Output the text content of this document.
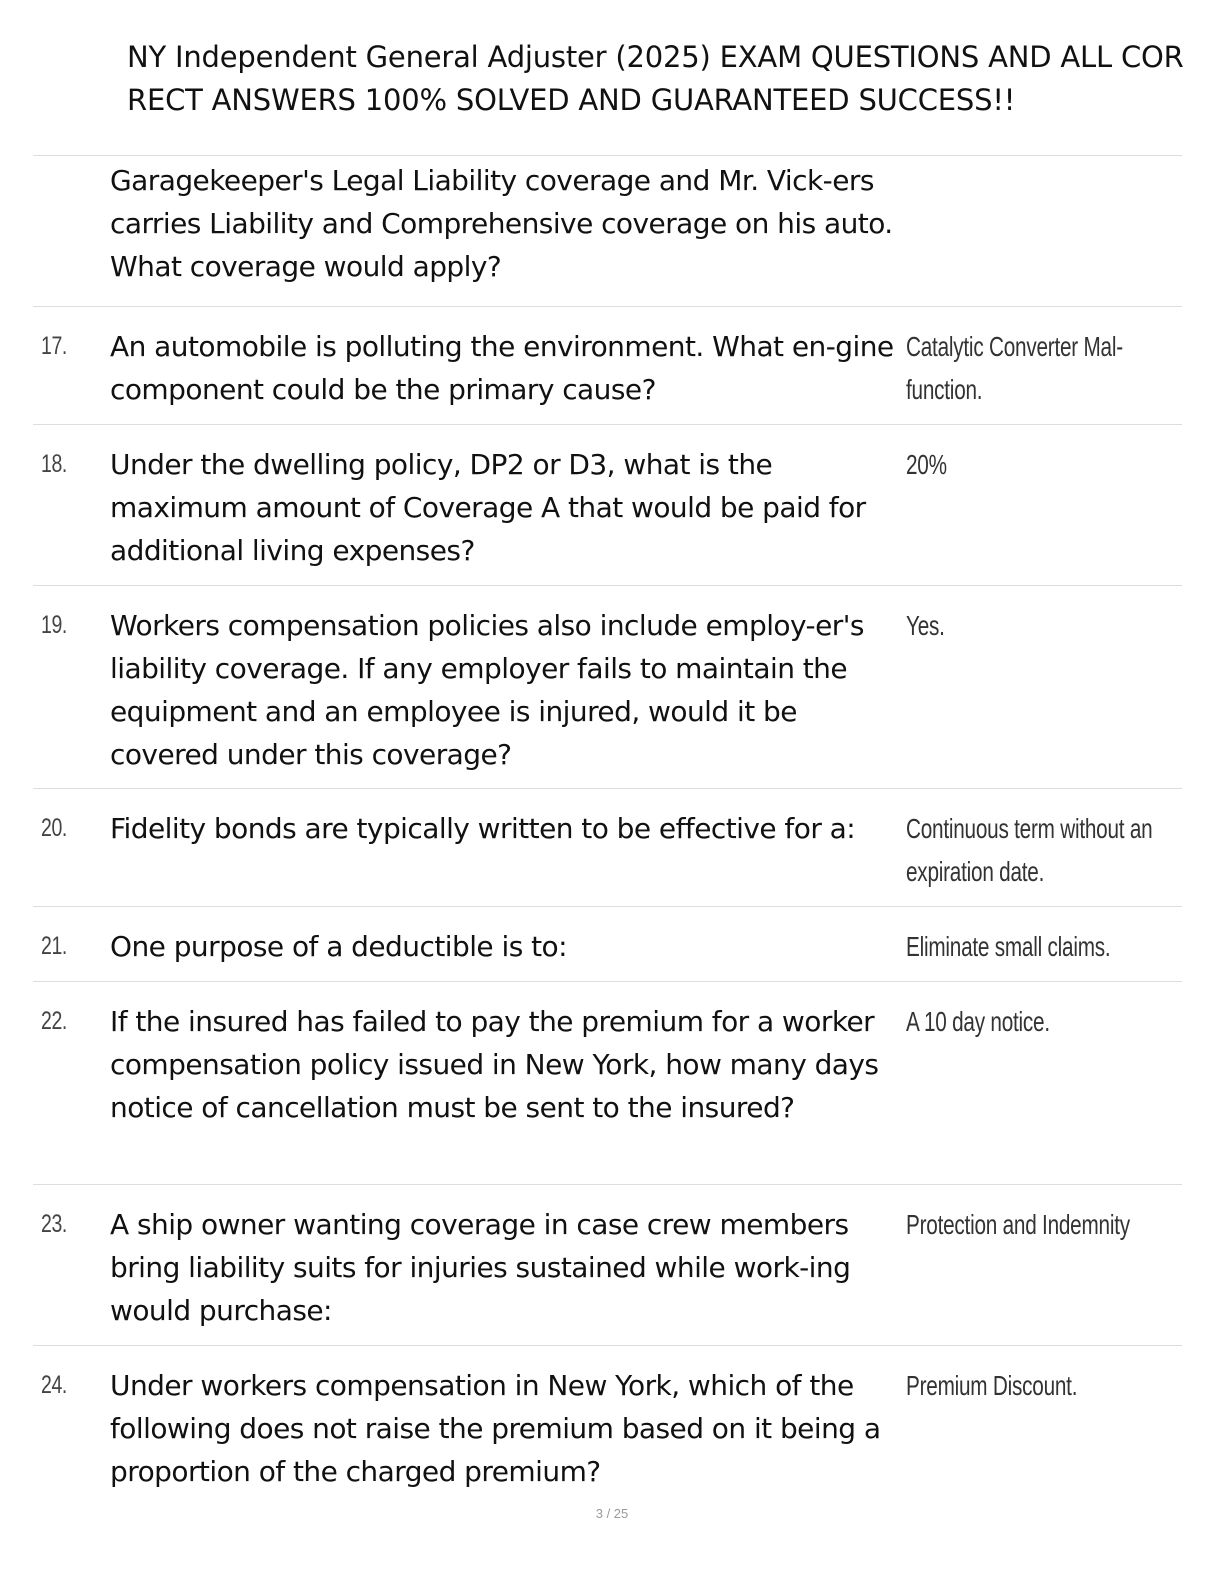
NY Independent General Adjuster (2025) EXAM QUESTIONS AND ALL COR
RECT ANSWERS 100% SOLVED AND GUARANTEED SUCCESS!!
Garagekeeper's Legal Liability coverage and Mr. Vick-ers carries Liability and Comprehensive coverage on his auto. What coverage would apply?
17. An automobile is polluting the environment. What en-gine component could be the primary cause?
Catalytic Converter Mal-function.
18. Under the dwelling policy, DP2 or D3, what is the maximum amount of Coverage A that would be paid for additional living expenses?
20%
19. Workers compensation policies also include employ-er's liability coverage. If any employer fails to maintain the equipment and an employee is injured, would it be covered under this coverage?
Yes.
20. Fidelity bonds are typically written to be effective for a:	Continuous term without an expiration date.
21. One purpose of a deductible is to:	Eliminate small claims.
22. If the insured has failed to pay the premium for a worker compensation policy issued in New York, how many days notice of cancellation must be sent to the insured?
A 10 day notice.
23. A ship owner wanting coverage in case crew members bring liability suits for injuries sustained while work-ing would purchase:
Protection and Indemnity
24. Under workers compensation in New York, which of the following does not raise the premium based on it being a proportion of the charged premium?
Premium Discount.
3 / 25
